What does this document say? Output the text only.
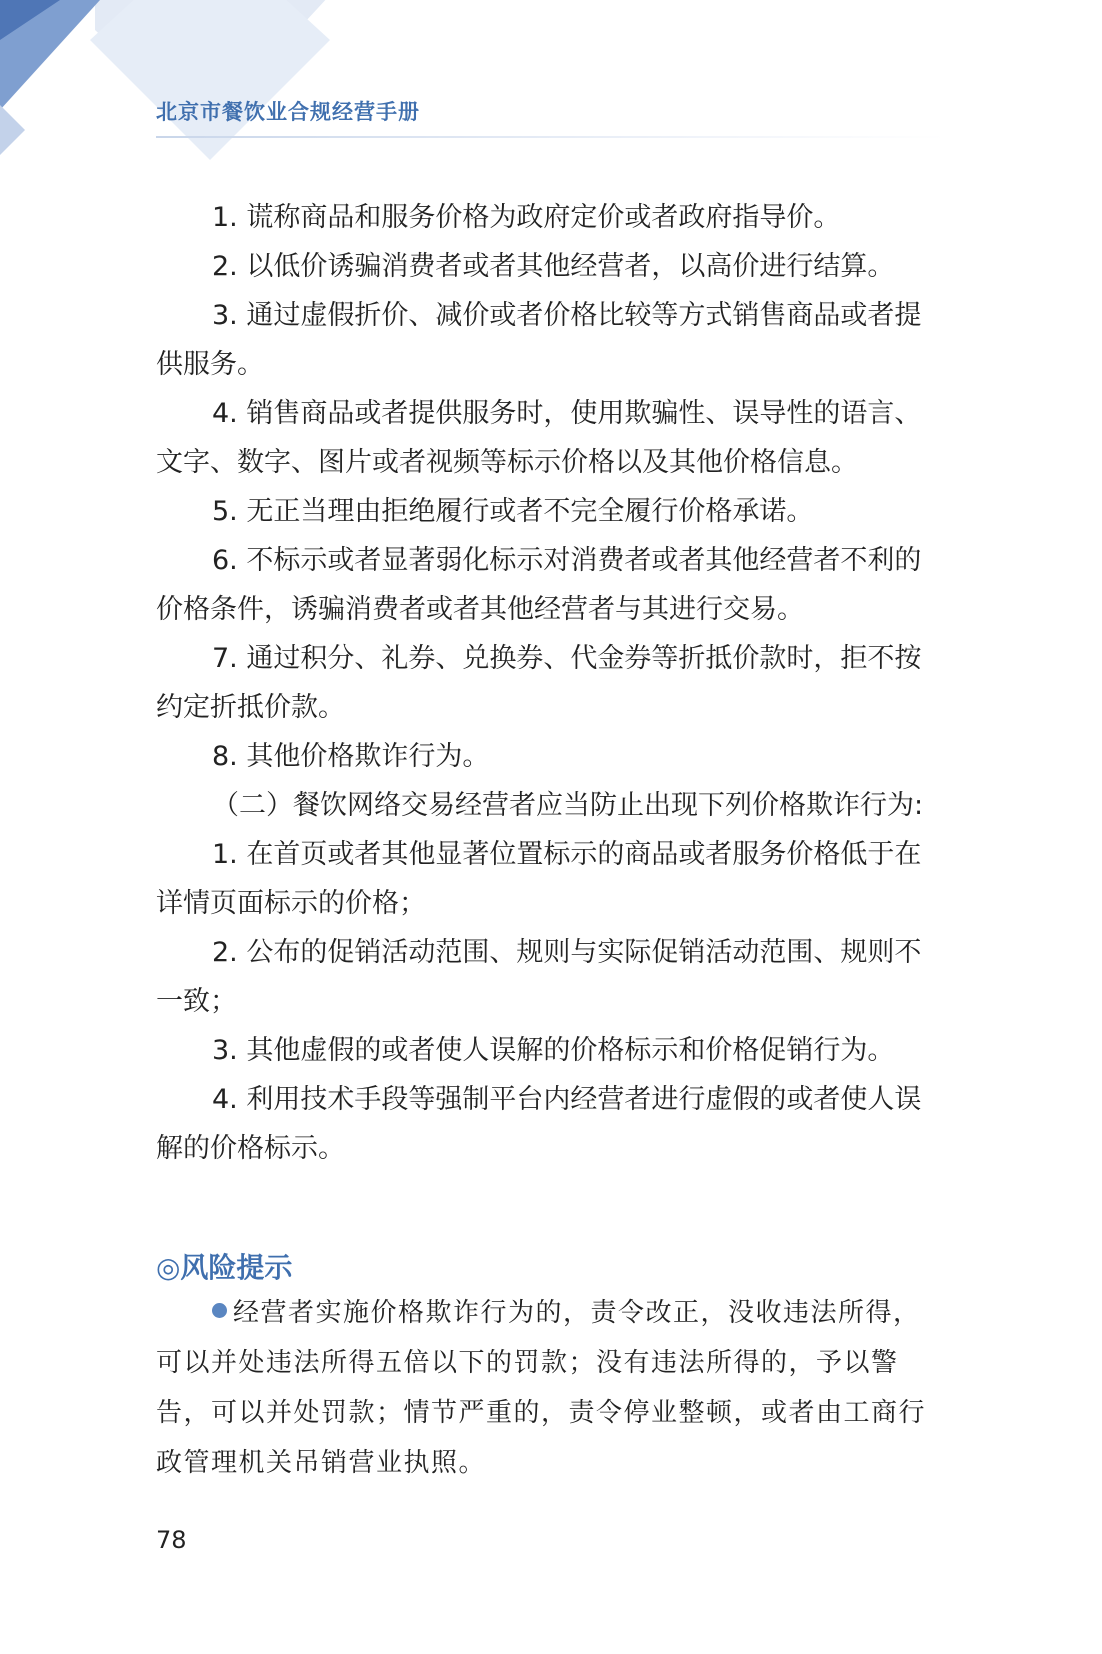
北京市餐饮业合规经营手册

1. 谎称商品和服务价格为政府定价或者政府指导价。

2. 以低价诱骗消费者或者其他经营者，以高价进行结算。

3. 通过虚假折价、减价或者价格比较等方式销售商品或者提供服务。

4. 销售商品或者提供服务时，使用欺骗性、误导性的语言、文字、数字、图片或者视频等标示价格以及其他价格信息。

5. 无正当理由拒绝履行或者不完全履行价格承诺。

6. 不标示或者显著弱化标示对消费者或者其他经营者不利的价格条件，诱骗消费者或者其他经营者与其进行交易。

7. 通过积分、礼券、兑换券、代金券等折抵价款时，拒不按约定折抵价款。

8. 其他价格欺诈行为。

（二）餐饮网络交易经营者应当防止出现下列价格欺诈行为:

1. 在首页或者其他显著位置标示的商品或者服务价格低于在详情页面标示的价格；

2. 公布的促销活动范围、规则与实际促销活动范围、规则不一致；

3. 其他虚假的或者使人误解的价格标示和价格促销行为。

4. 利用技术手段等强制平台内经营者进行虚假的或者使人误解的价格标示。

◎风险提示

经营者实施价格欺诈行为的，责令改正，没收违法所得，可以并处违法所得五倍以下的罚款；没有违法所得的，予以警告，可以并处罚款；情节严重的，责令停业整顿，或者由工商行政管理机关吊销营业执照。

78
